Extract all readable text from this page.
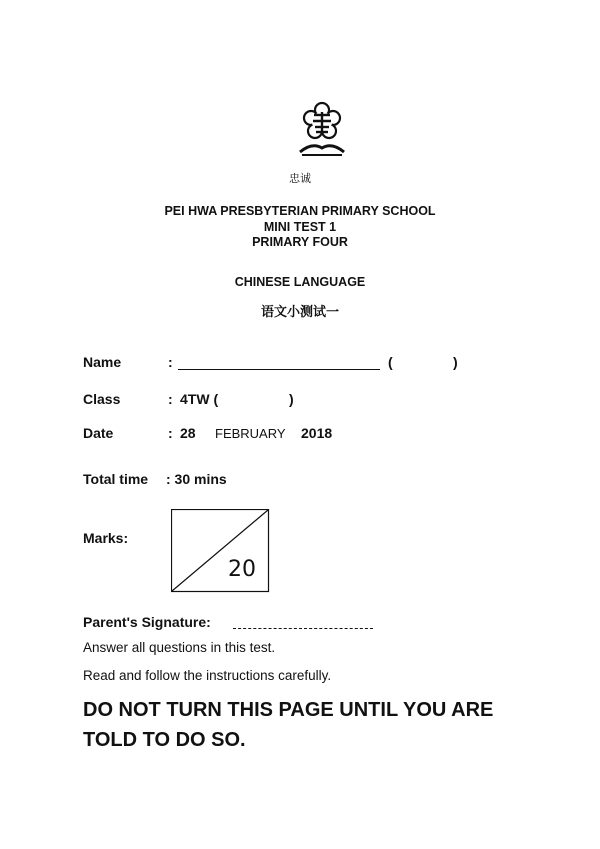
忠诚
PEI HWA PRESBYTERIAN PRIMARY SCHOOL
MINI TEST 1
PRIMARY FOUR
CHINESE LANGUAGE
语文小测试一
Name	:	(	)
Class	: 4TW (	)
Date	: 28 FEBRUARY 2018
Total time : 30 mins
Marks:
20
Parent's Signature:
Answer all questions in this test.
Read and follow the instructions carefully.
DO NOT TURN THIS PAGE UNTIL YOU ARE
TOLD TO DO SO.
